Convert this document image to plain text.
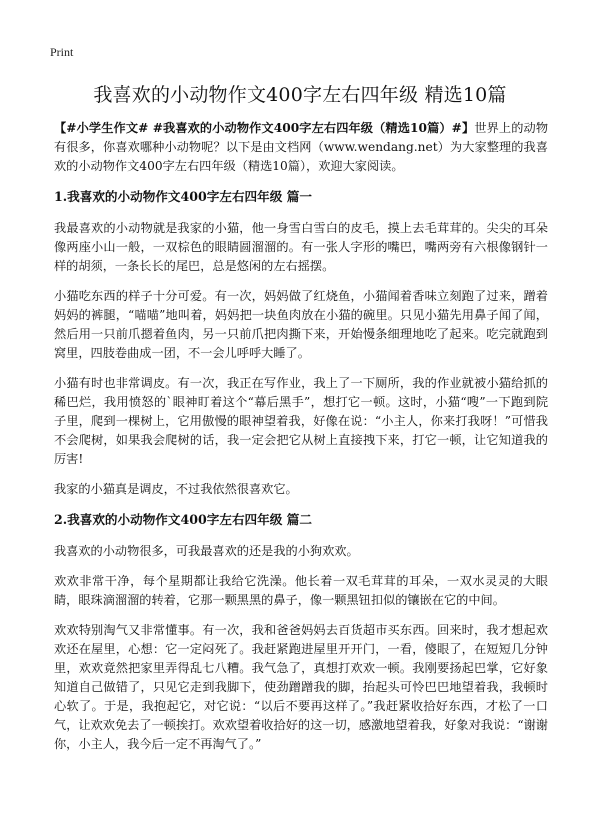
Print
我喜欢的小动物作文400字左右四年级 精选10篇

【#小学生作文# #我喜欢的小动物作文400字左右四年级（精选10篇）#】世界上的动物有很多，你喜欢哪种小动物呢？以下是由文档网（www.wendang.net）为大家整理的我喜欢的小动物作文400字左右四年级（精选10篇），欢迎大家阅读。

1.我喜欢的小动物作文400字左右四年级 篇一

我最喜欢的小动物就是我家的小猫，他一身雪白雪白的皮毛，摸上去毛茸茸的。尖尖的耳朵像两座小山一般，一双棕色的眼睛圆溜溜的。有一张人字形的嘴巴，嘴两旁有六根像钢针一样的胡须，一条长长的尾巴，总是悠闲的左右摇摆。

小猫吃东西的样子十分可爱。有一次，妈妈做了红烧鱼，小猫闻着香味立刻跑了过来，蹭着妈妈的裤腿，“喵喵”地叫着，妈妈把一块鱼肉放在小猫的碗里。只见小猫先用鼻子闻了闻，然后用一只前爪摁着鱼肉，另一只前爪把肉撕下来，开始慢条细理地吃了起来。吃完就跑到窝里，四肢卷曲成一团，不一会儿呼呼大睡了。

小猫有时也非常调皮。有一次，我正在写作业，我上了一下厕所，我的作业就被小猫给抓的稀巴烂，我用愤怒的`眼神盯着这个“幕后黑手”，想打它一顿。这时，小猫“嗖”一下跑到院子里，爬到一棵树上，它用傲慢的眼神望着我，好像在说：“小主人，你来打我呀！”可惜我不会爬树，如果我会爬树的话，我一定会把它从树上直接拽下来，打它一顿，让它知道我的厉害!

我家的小猫真是调皮，不过我依然很喜欢它。

2.我喜欢的小动物作文400字左右四年级 篇二

我喜欢的小动物很多，可我最喜欢的还是我的小狗欢欢。

欢欢非常干净，每个星期都让我给它洗澡。他长着一双毛茸茸的耳朵，一双水灵灵的大眼睛，眼珠滴溜溜的转着，它那一颗黑黑的鼻子，像一颗黑钮扣似的镶嵌在它的中间。

欢欢特别淘气又非常懂事。有一次，我和爸爸妈妈去百货超市买东西。回来时，我才想起欢欢还在屋里，心想：它一定闷死了。我赶紧跑进屋里开开门，一看，傻眼了，在短短几分钟里，欢欢竟然把家里弄得乱七八糟。我气急了，真想打欢欢一顿。我刚要扬起巴掌，它好象知道自己做错了，只见它走到我脚下，使劲蹭蹭我的脚，抬起头可怜巴巴地望着我，我顿时心软了。于是，我抱起它，对它说：“以后不要再这样了。”我赶紧收拾好东西，才松了一口气，让欢欢免去了一顿挨打。欢欢望着收拾好的这一切，感激地望着我，好象对我说：“谢谢你，小主人，我今后一定不再淘气了。”
